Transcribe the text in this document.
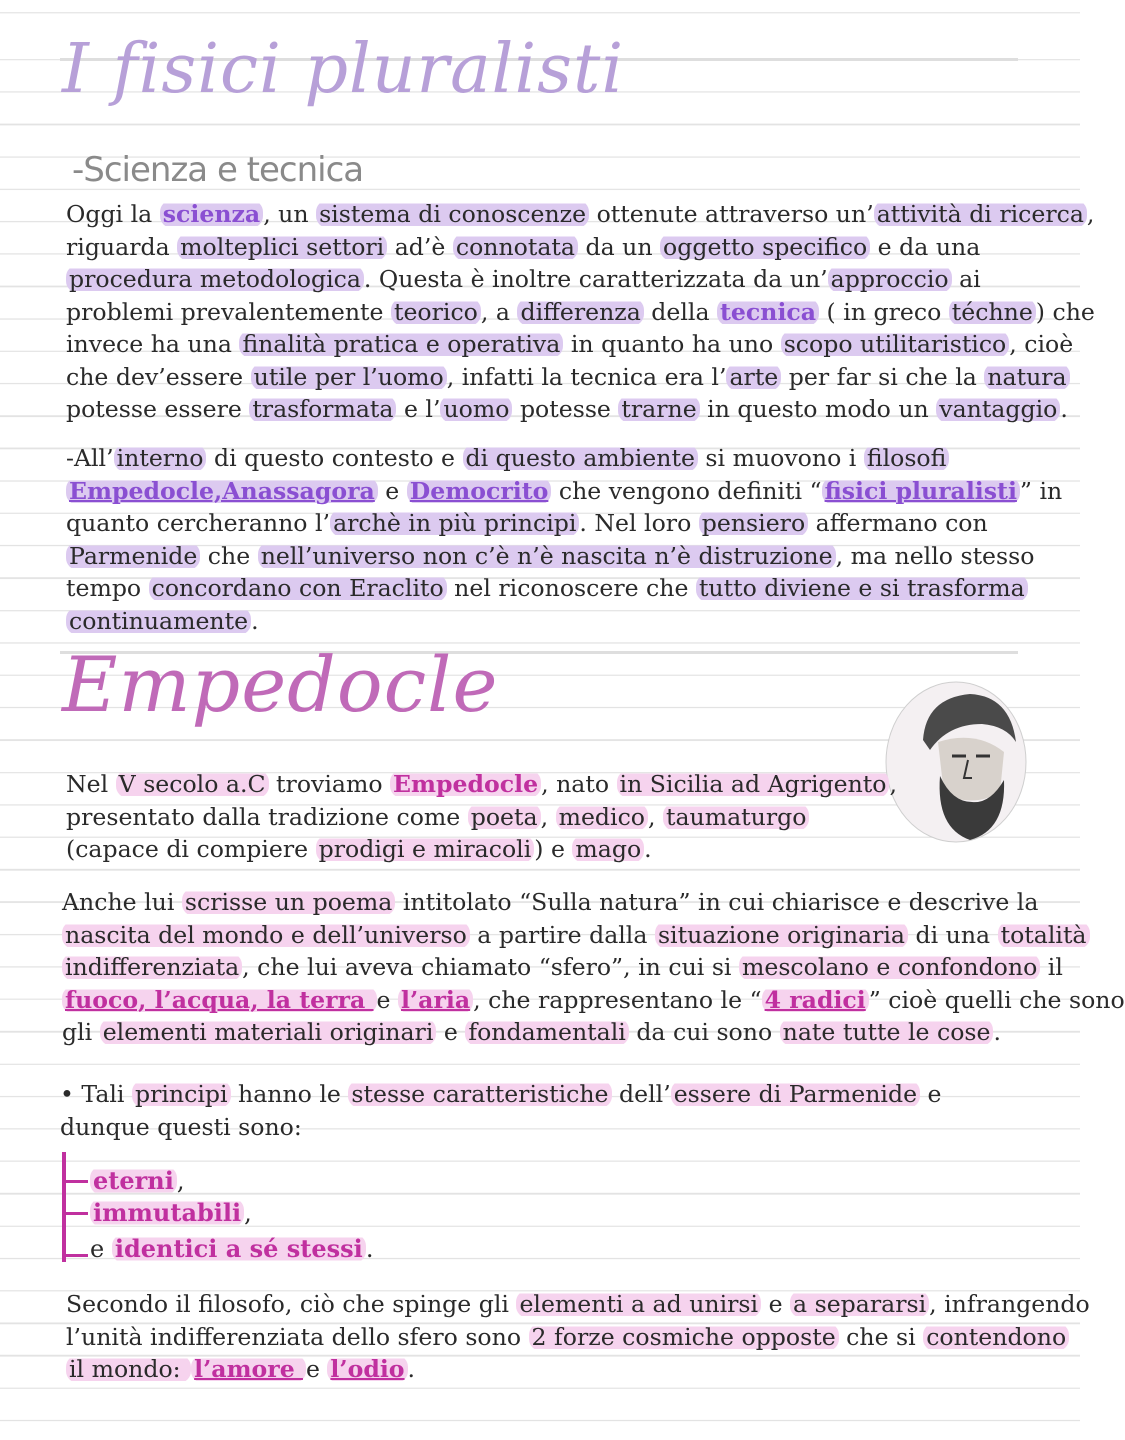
I fisici pluralisti
-Scienza e tecnica
Oggi la scienza , un sistema di conoscenze ottenute attraverso un’ attività di ricerca ,
riguarda molteplici settori ad’è connotata da un oggetto specifico e da una
procedura metodologica . Questa è inoltre caratterizzata da un’ approccio ai
problemi prevalentemente teorico , a differenza della tecnica ( in greco téchne ) che
invece ha una finalità pratica e operativa in quanto ha uno scopo utilitaristico , cioè
che dev’essere utile per l’uomo , infatti la tecnica era l’ arte per far si che la natura
potesse essere trasformata e l’ uomo potesse trarne in questo modo un vantaggio .
-All’ interno di questo contesto e di questo ambiente si muovono i filosofi
Empedocle,Anassagora e Democrito che vengono definiti “ fisici pluralisti ” in
quanto cercheranno l’ archè in più principi . Nel loro pensiero affermano con
Parmenide che nell’universo non c’è n’è nascita n’è distruzione , ma nello stesso
tempo concordano con Eraclito nel riconoscere che tutto diviene e si trasforma
continuamente .
Empedocle
Nel V secolo a.C troviamo Empedocle , nato in Sicilia ad Agrigento ,
presentato dalla tradizione come poeta , medico , taumaturgo
(capace di compiere prodigi e miracoli ) e mago .
Anche lui scrisse un poema intitolato “Sulla natura” in cui chiarisce e descrive la
nascita del mondo e dell’universo a partire dalla situazione originaria di una totalità
indifferenziata , che lui aveva chiamato “sfero”, in cui si mescolano e confondono il
fuoco, l’acqua, la terra e l’aria , che rappresentano le “ 4 radici ” cioè quelli che sono
gli elementi materiali originari e fondamentali da cui sono nate tutte le cose .
• Tali principi hanno le stesse caratteristiche dell’ essere di Parmenide e
dunque questi sono:
eterni ,
immutabili ,
e identici a sé stessi .
Secondo il filosofo, ciò che spinge gli elementi a ad unirsi e a separarsi , infrangendo
l’unità indifferenziata dello sfero sono 2 forze cosmiche opposte che si contendono
il mondo: l’amore e l’odio .
